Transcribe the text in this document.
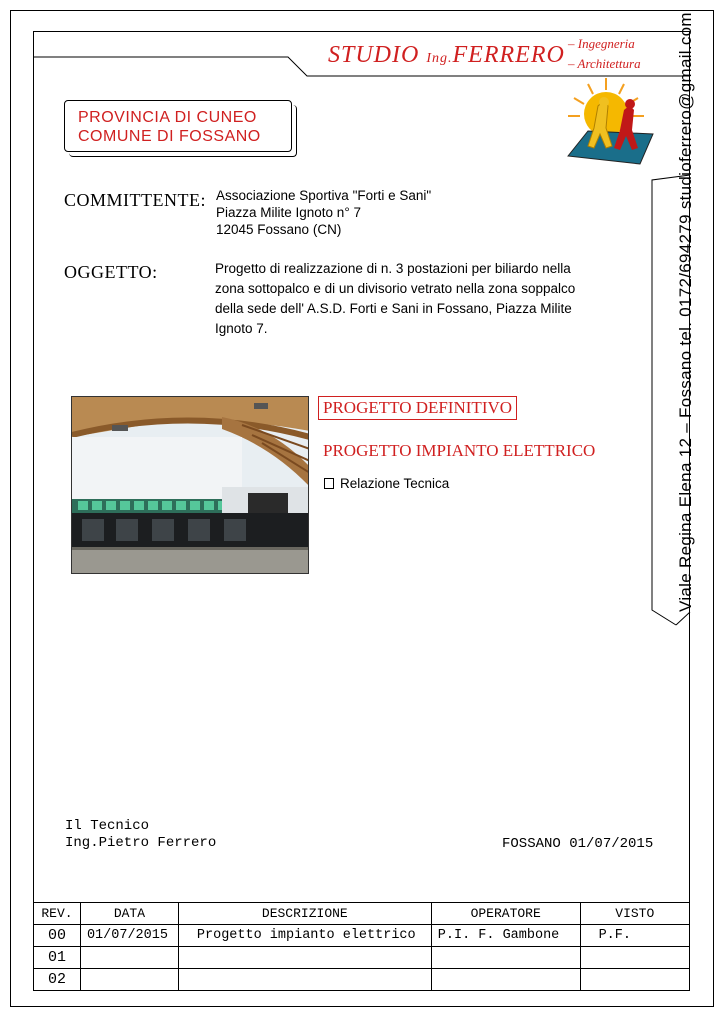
STUDIO Ing.FERRERO – Ingegneria
– Architettura
PROVINCIA DI CUNEO
COMUNE DI FOSSANO
COMMITTENTE: Associazione Sportiva "Forti e Sani"
Piazza Milite Ignoto n° 7
12045 Fossano (CN)
OGGETTO:	Progetto di realizzazione di n. 3 postazioni per biliardo nella zona sottopalco e di un divisorio vetrato nella zona soppalco della sede dell' A.S.D. Forti e Sani in Fossano, Piazza Milite Ignoto 7.
PROGETTO DEFINITIVO
PROGETTO IMPIANTO ELETTRICO
Relazione Tecnica	Viale Regina Elena 12 – Fossano tel. 0172/694279 studioferrero@gmail.com
Il Tecnico
Ing.Pietro Ferrero	FOSSANO 01/07/2015
REV.	DATA	DESCRIZIONE	OPERATORE	VISTO
00	01/07/2015	Progetto impianto elettrico	P.I. F. Gambone	P.F.
01				
02				
